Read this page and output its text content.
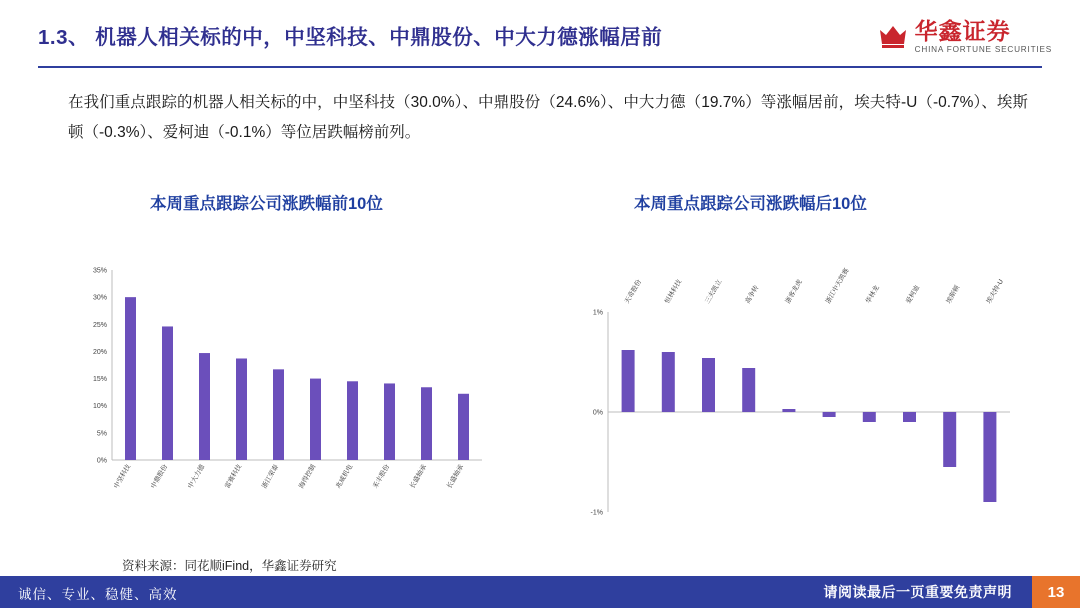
1.3、 机器人相关标的中，中坚科技、中鼎股份、中大力德涨幅居前	华鑫证券
CHINA FORTUNE SECURITIES
在我们重点跟踪的机器人相关标的中，中坚科技（30.0%）、中鼎股份（24.6%）、中大力德（19.7%）等涨幅居前，埃夫特-U（-0.7%）、埃斯顿（-0.3%）、爱柯迪（-0.1%）等位居跌幅榜前列。
本周重点跟踪公司涨跌幅前10位	本周重点跟踪公司涨跌幅后10位
0%
5%
10%
15%
20%
25%
30%
35%
中坚科技	中鼎股份	中大力德	雷赛科技	浙江荣泰	海得控制	兆威机电	禾丰股份	长盛轴承	长盛轴承
1%
0%
-1%
天奇股份	恒林科技	三夫凯立	高争转	浙客龙虎	浙江中天凯赛 华林龙	爱柯迪	埃斯顿	埃夫特-U
资料来源：同花顺iFind，华鑫证券研究
诚信、专业、稳健、高效	请阅读最后一页重要免责声明	13
